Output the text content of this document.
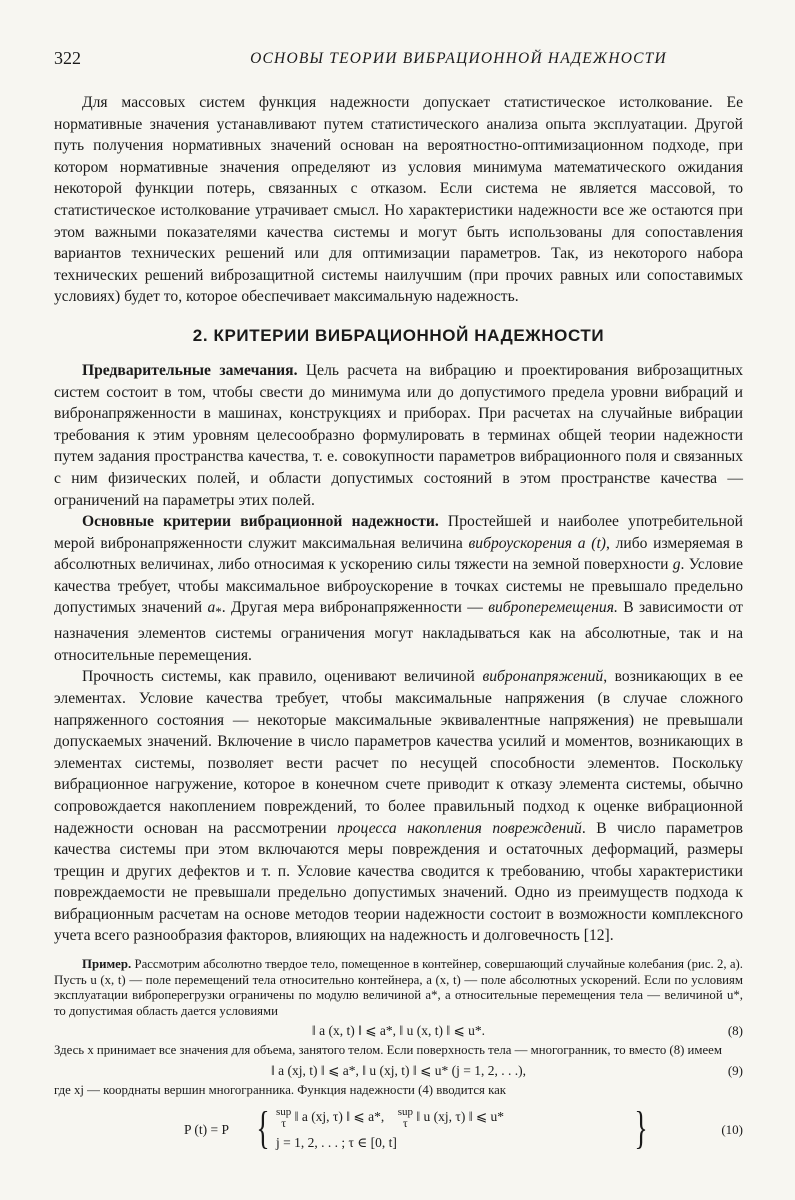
322	ОСНОВЫ ТЕОРИИ ВИБРАЦИОННОЙ НАДЕЖНОСТИ

Для массовых систем функция надежности допускает статистическое истолкование. Ее нормативные значения устанавливают путем статистического анализа опыта эксплуатации. Другой путь получения нормативных значений основан на вероятностно-оптимизационном подходе, при котором нормативные значения определяют из условия минимума математического ожидания некоторой функции потерь, связанных с отказом. Если система не является массовой, то статистическое истолкование утрачивает смысл. Но характеристики надежности все же остаются при этом важными показателями качества системы и могут быть использованы для сопоставления вариантов технических решений или для оптимизации параметров. Так, из некоторого набора технических решений виброзащитной системы наилучшим (при прочих равных или сопоставимых условиях) будет то, которое обеспечивает максимальную надежность.

2. КРИТЕРИИ ВИБРАЦИОННОЙ НАДЕЖНОСТИ

Предварительные замечания. Цель расчета на вибрацию и проектирования виброзащитных систем состоит в том, чтобы свести до минимума или до допустимого предела уровни вибраций и вибронапряженности в машинах, конструкциях и приборах. При расчетах на случайные вибрации требования к этим уровням целесообразно формулировать в терминах общей теории надежности путем задания пространства качества, т. е. совокупности параметров вибрационного поля и связанных с ним физических полей, и области допустимых состояний в этом пространстве качества — ограничений на параметры этих полей.

Основные критерии вибрационной надежности. Простейшей и наиболее употребительной мерой вибронапряженности служит максимальная величина виброускорения a (t), либо измеряемая в абсолютных величинах, либо относимая к ускорению силы тяжести на земной поверхности g. Условие качества требует, чтобы максимальное виброускорение в точках системы не превышало предельно допустимых значений $a_*$. Другая мера вибронапряженности — виброперемещения. В зависимости от назначения элементов системы ограничения могут накладываться как на абсолютные, так и на относительные перемещения.

Прочность системы, как правило, оценивают величиной вибронапряжений, возникающих в ее элементах. Условие качества требует, чтобы максимальные напряжения (в случае сложного напряженного состояния — некоторые максимальные эквивалентные напряжения) не превышали допускаемых значений. Включение в число параметров качества усилий и моментов, возникающих в элементах системы, позволяет вести расчет по несущей способности элементов. Поскольку вибрационное нагружение, которое в конечном счете приводит к отказу элемента системы, обычно сопровождается накоплением повреждений, то более правильный подход к оценке вибрационной надежности основан на рассмотрении процесса накопления повреждений. В число параметров качества системы при этом включаются меры повреждения и остаточных деформаций, размеры трещин и других дефектов и т. п. Условие качества сводится к требованию, чтобы характеристики повреждаемости не превышали предельно допустимых значений. Одно из преимуществ подхода к вибрационным расчетам на основе методов теории надежности состоит в возможности комплексного учета всего разнообразия факторов, влияющих на надежность и долговечность [12].

Пример. Рассмотрим абсолютно твердое тело, помещенное в контейнер, совершающий случайные колебания (рис. 2, а). Пусть u (x, t) — поле перемещений тела относительно контейнера, a (x, t) — поле абсолютных ускорений. Если по условиям эксплуатации виброперегрузки ограничены по модулю величиной a*, а относительные перемещения тела — величиной u*, то допустимая область дается условиями

‖ a (x, t) ‖ ⩽ a*, ‖ u (x, t) ‖ ⩽ u*.	(8)

Здесь x принимает все значения для объема, занятого телом. Если поверхность тела — многогранник, то вместо (8) имеем

‖ a (xj, t) ‖ ⩽ a*, ‖ u (xj, t) ‖ ⩽ u* (j = 1, 2, . . .),	(9)

где xj — коорднаты вершин многогранника. Функция надежности (4) вводится как

P (t) = P { sup
τ ‖ a (xj, τ) ‖ ⩽ a*, sup
τ ‖ u (xj, τ) ‖ ⩽ u*
j = 1, 2, . . . ; τ ∈ [0, t]	}	(10)
